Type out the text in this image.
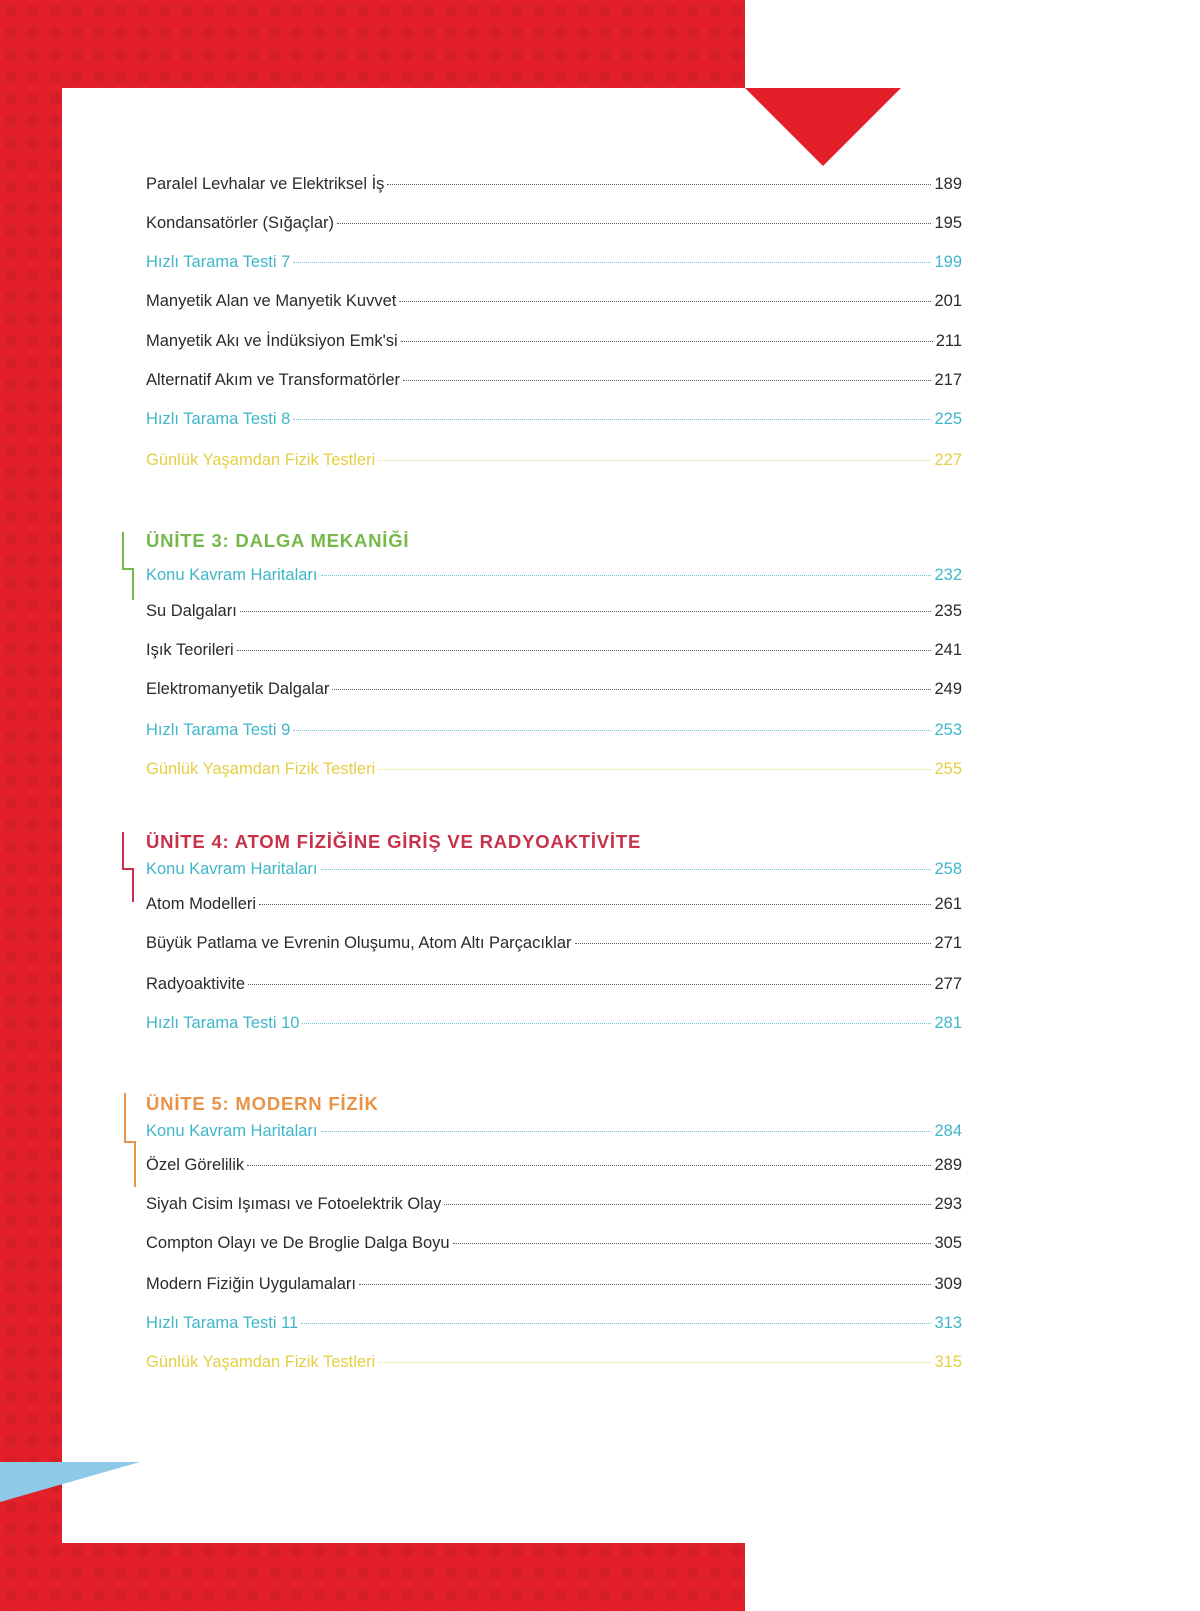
Paralel Levhalar ve Elektriksel İş	189
Kondansatörler (Sığaçlar)	195
Hızlı Tarama Testi 7	199
Manyetik Alan ve Manyetik Kuvvet	201
Manyetik Akı ve İndüksiyon Emk'si	211
Alternatif Akım ve Transformatörler	217
Hızlı Tarama Testi 8	225
Günlük Yaşamdan Fizik Testleri	227
ÜNİTE 3: DALGA MEKANİĞİ
Konu Kavram Haritaları	232
Su Dalgaları	235
Işık Teorileri	241
Elektromanyetik Dalgalar	249
Hızlı Tarama Testi 9	253
Günlük Yaşamdan Fizik Testleri	255
ÜNİTE 4: ATOM FİZİĞİNE GİRİŞ VE RADYOAKTİVİTE
Konu Kavram Haritaları	258
Atom Modelleri	261
Büyük Patlama ve Evrenin Oluşumu, Atom Altı Parçacıklar	271
Radyoaktivite	277
Hızlı Tarama Testi 10	281
ÜNİTE 5: MODERN FİZİK
Konu Kavram Haritaları	284
Özel Görelilik	289
Siyah Cisim Işıması ve Fotoelektrik Olay	293
Compton Olayı ve De Broglie Dalga Boyu	305
Modern Fiziğin Uygulamaları	309
Hızlı Tarama Testi 11	313
Günlük Yaşamdan Fizik Testleri	315
